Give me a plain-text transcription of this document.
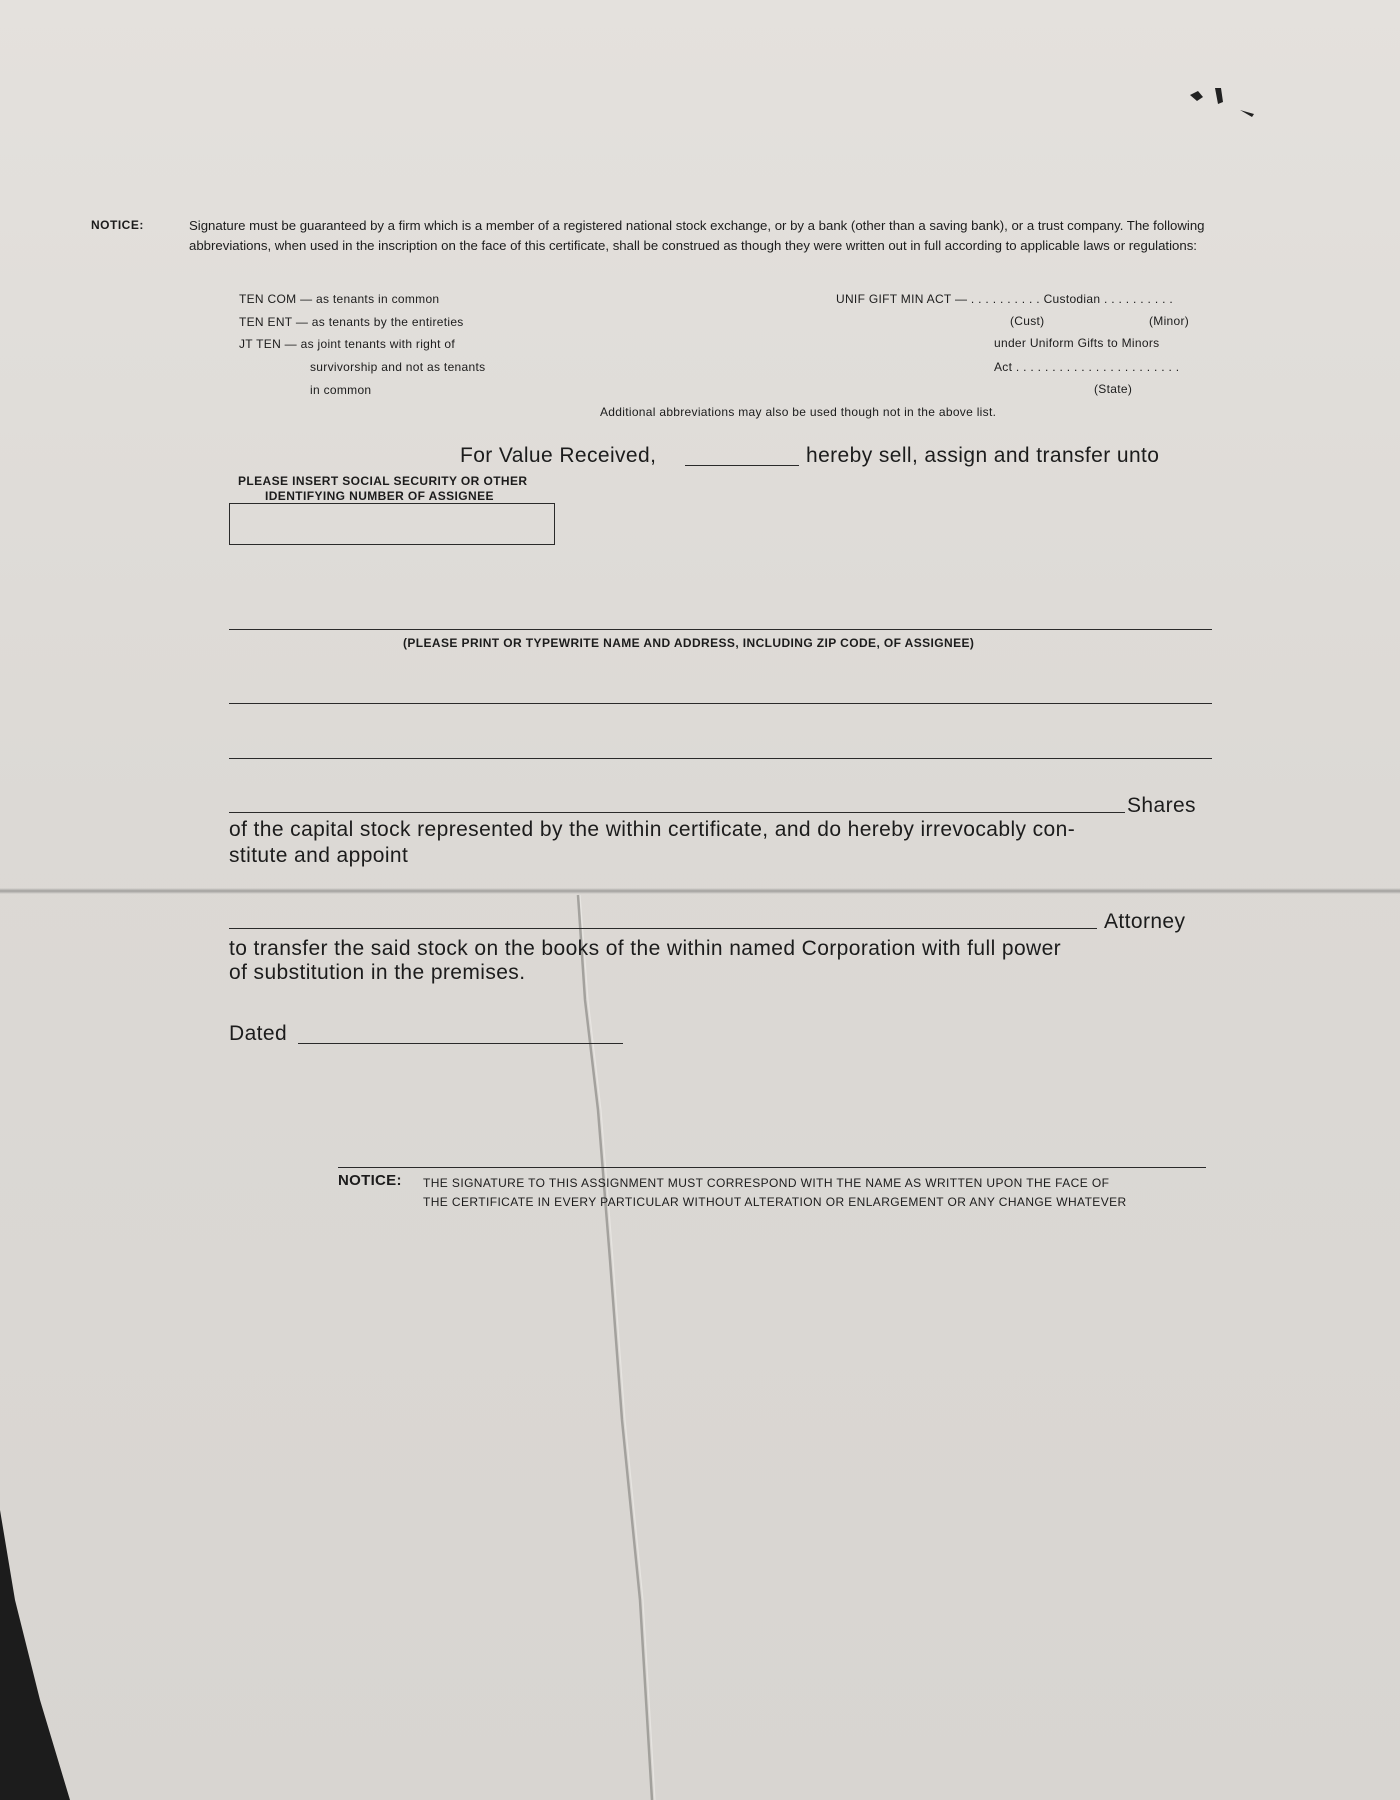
NOTICE:	Signature must be guaranteed by a firm which is a member of a registered national stock exchange, or by a bank (other than a saving bank), or a trust company. The following abbreviations, when used in the inscription on the face of this certificate, shall be construed as though they were written out in full according to applicable laws or regulations:

TEN COM — as tenants in common
TEN ENT — as tenants by the entireties
JT TEN — as joint tenants with right of
survivorship and not as tenants
in common
UNIF GIFT MIN ACT — . . . . . . . . . . Custodian . . . . . . . . . .
(Cust)	(Minor)
under Uniform Gifts to Minors
Act . . . . . . . . . . . . . . . . . . . . . . .
(State)
Additional abbreviations may also be used though not in the above list.
For Value Received,	hereby sell, assign and transfer unto
PLEASE INSERT SOCIAL SECURITY OR OTHER
IDENTIFYING NUMBER OF ASSIGNEE
(PLEASE PRINT OR TYPEWRITE NAME AND ADDRESS, INCLUDING ZIP CODE, OF ASSIGNEE)
Shares
of the capital stock represented by the within certificate, and do hereby irrevocably con-
stitute and appoint
Attorney
to transfer the said stock on the books of the within named Corporation with full power
of substitution in the premises.
Dated
NOTICE: THE SIGNATURE TO THIS ASSIGNMENT MUST CORRESPOND WITH THE NAME AS WRITTEN UPON THE FACE OF
THE CERTIFICATE IN EVERY PARTICULAR WITHOUT ALTERATION OR ENLARGEMENT OR ANY CHANGE WHATEVER
